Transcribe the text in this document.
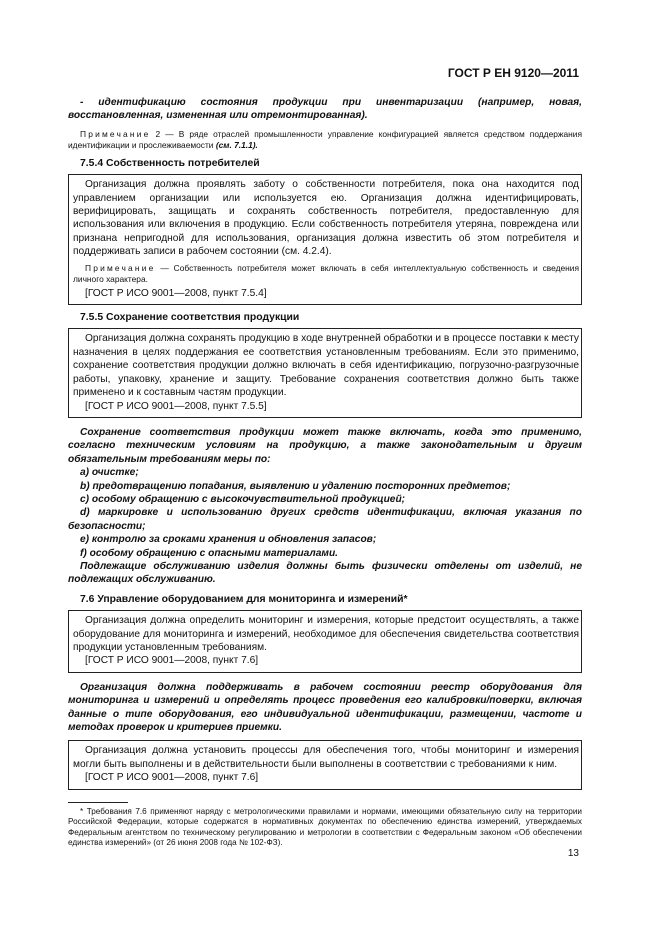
ГОСТ Р ЕН 9120—2011

- идентификацию состояния продукции при инвентаризации (например, новая, восстановленная, измененная или отремонтированная).

Примечание 2 — В ряде отраслей промышленности управление конфигурацией является средством поддержания идентификации и прослеживаемости (см. 7.1.1).

7.5.4 Собственность потребителей

Организация должна проявлять заботу о собственности потребителя, пока она находится под управлением организации или используется ею. Организация должна идентифицировать, верифицировать, защищать и сохранять собственность потребителя, предоставленную для использования или включения в продукцию. Если собственность потребителя утеряна, повреждена или признана непригодной для использования, организация должна известить об этом потребителя и поддерживать записи в рабочем состоянии (см. 4.2.4).

Примечание — Собственность потребителя может включать в себя интеллектуальную собственность и сведения личного характера.

[ГОСТ Р ИСО 9001—2008, пункт 7.5.4]

7.5.5 Сохранение соответствия продукции

Организация должна сохранять продукцию в ходе внутренней обработки и в процессе поставки к месту назначения в целях поддержания ее соответствия установленным требованиям. Если это применимо, сохранение соответствия продукции должно включать в себя идентификацию, погрузочно-разгрузочные работы, упаковку, хранение и защиту. Требование сохранения соответствия должно быть также применено и к составным частям продукции.

[ГОСТ Р ИСО 9001—2008, пункт 7.5.5]

Сохранение соответствия продукции может также включать, когда это применимо, согласно техническим условиям на продукцию, а также законодательным и другим обязательным требованиям меры по:

а) очистке;

b) предотвращению попадания, выявлению и удалению посторонних предметов;

c) особому обращению с высокочувствительной продукцией;

d) маркировке и использованию других средств идентификации, включая указания по безопасности;

e) контролю за сроками хранения и обновления запасов;

f) особому обращению с опасными материалами.

Подлежащие обслуживанию изделия должны быть физически отделены от изделий, не подлежащих обслуживанию.

7.6 Управление оборудованием для мониторинга и измерений*

Организация должна определить мониторинг и измерения, которые предстоит осуществлять, а также оборудование для мониторинга и измерений, необходимое для обеспечения свидетельства соответствия продукции установленным требованиям.

[ГОСТ Р ИСО 9001—2008, пункт 7.6]

Организация должна поддерживать в рабочем состоянии реестр оборудования для мониторинга и измерений и определять процесс проведения его калибровки/поверки, включая данные о типе оборудования, его индивидуальной идентификации, размещении, частоте и методах проверок и критериев приемки.

Организация должна установить процессы для обеспечения того, чтобы мониторинг и измерения могли быть выполнены и в действительности были выполнены в соответствии с требованиями к ним.

[ГОСТ Р ИСО 9001—2008, пункт 7.6]

* Требования 7.6 применяют наряду с метрологическими правилами и нормами, имеющими обязательную силу на территории Российской Федерации, которые содержатся в нормативных документах по обеспечению единства измерений, утверждаемых Федеральным агентством по техническому регулированию и метрологии в соответствии с Федеральным законом «Об обеспечении единства измерений» (от 26 июня 2008 года № 102-ФЗ).

13
